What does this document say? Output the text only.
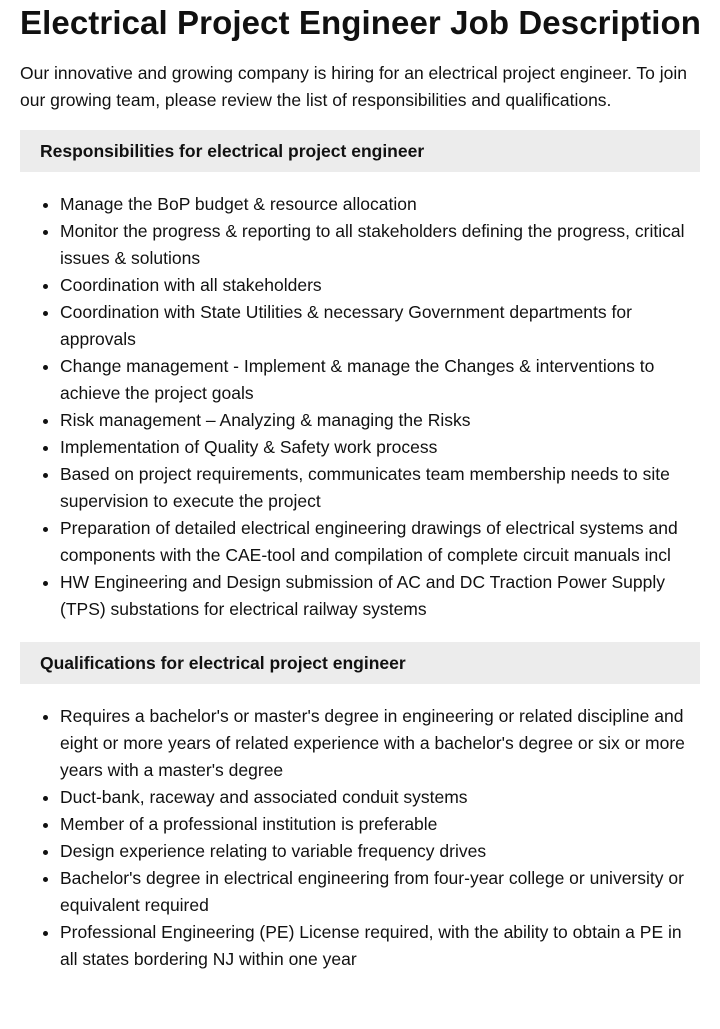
Electrical Project Engineer Job Description

Our innovative and growing company is hiring for an electrical project engineer. To join our growing team, please review the list of responsibilities and qualifications.

Responsibilities for electrical project engineer
• Manage the BoP budget & resource allocation
• Monitor the progress & reporting to all stakeholders defining the progress, critical issues & solutions
• Coordination with all stakeholders
• Coordination with State Utilities & necessary Government departments for approvals
• Change management - Implement & manage the Changes & interventions to achieve the project goals
• Risk management – Analyzing & managing the Risks
• Implementation of Quality & Safety work process
• Based on project requirements, communicates team membership needs to site supervision to execute the project
• Preparation of detailed electrical engineering drawings of electrical systems and components with the CAE-tool and compilation of complete circuit manuals incl
• HW Engineering and Design submission of AC and DC Traction Power Supply (TPS) substations for electrical railway systems
Qualifications for electrical project engineer
• Requires a bachelor's or master's degree in engineering or related discipline and eight or more years of related experience with a bachelor's degree or six or more years with a master's degree
• Duct-bank, raceway and associated conduit systems
• Member of a professional institution is preferable
• Design experience relating to variable frequency drives
• Bachelor's degree in electrical engineering from four-year college or university or equivalent required
• Professional Engineering (PE) License required, with the ability to obtain a PE in all states bordering NJ within one year
